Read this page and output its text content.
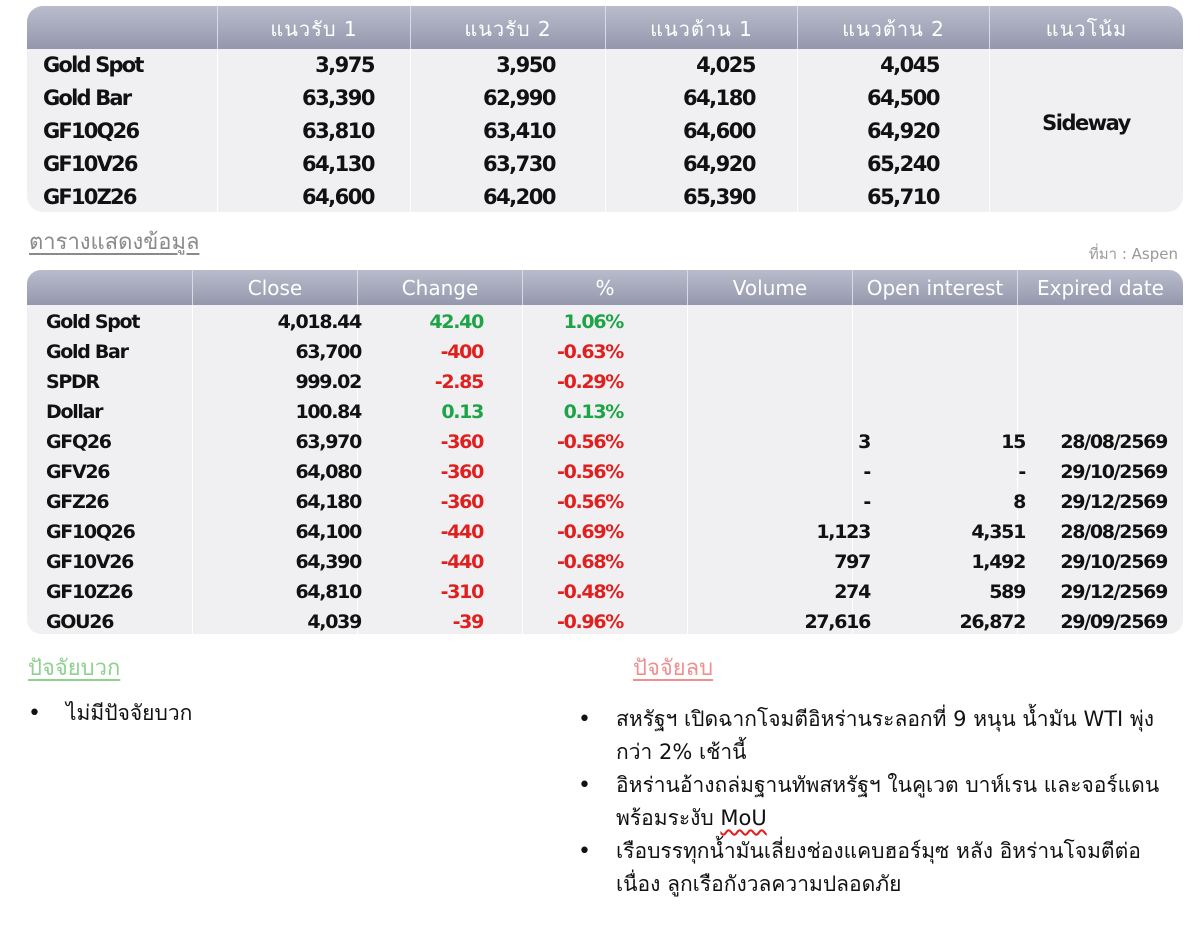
แนวรับ 1	แนวรับ 2	แนวต้าน 1	แนวต้าน 2	แนวโน้ม
Gold Spot	3,975	3,950	4,025	4,045
Gold Bar	63,390	62,990	64,180	64,500
GF10Q26	63,810	63,410	64,600	64,920
GF10V26	64,130	63,730	64,920	65,240
GF10Z26	64,600	64,200	65,390	65,710
Sideway
ตารางแสดงข้อมูล	ที่มา : Aspen
Close	Change	%	Volume	Open interest	Expired date
Gold Spot	4,018.44	42.40	1.06%
Gold Bar	63,700	-400	-0.63%
SPDR	999.02	-2.85	-0.29%
Dollar	100.84	0.13	0.13%
GFQ26	63,970	-360	-0.56%	3	15 28/08/2569
GFV26	64,080	-360	-0.56%	-	- 29/10/2569
GFZ26	64,180	-360	-0.56%	-	8 29/12/2569
GF10Q26	64,100	-440	-0.69%	1,123	4,351 28/08/2569
GF10V26	64,390	-440	-0.68%	797	1,492 29/10/2569
GF10Z26	64,810	-310	-0.48%	274	589 29/12/2569
GOU26	4,039	-39	-0.96%	27,616	26,872 29/09/2569
ปัจจัยบวก	ปัจจัยลบ
• ไม่มีปัจจัยบวก
•	สหรัฐฯ เปิดฉากโจมตีอิหร่านระลอกที่ 9 หนุน น้ำมัน WTI พุ่งกว่า 2% เช้านี้
• อิหร่านอ้างถล่มฐานทัพสหรัฐฯ ในคูเวต บาห์เรน และจอร์แดน พร้อมระงับ MoU
• เรือบรรทุกน้ำมันเลี่ยงช่องแคบฮอร์มุซ หลัง อิหร่านโจมตีต่อเนื่อง ลูกเรือกังวลความปลอดภัย
